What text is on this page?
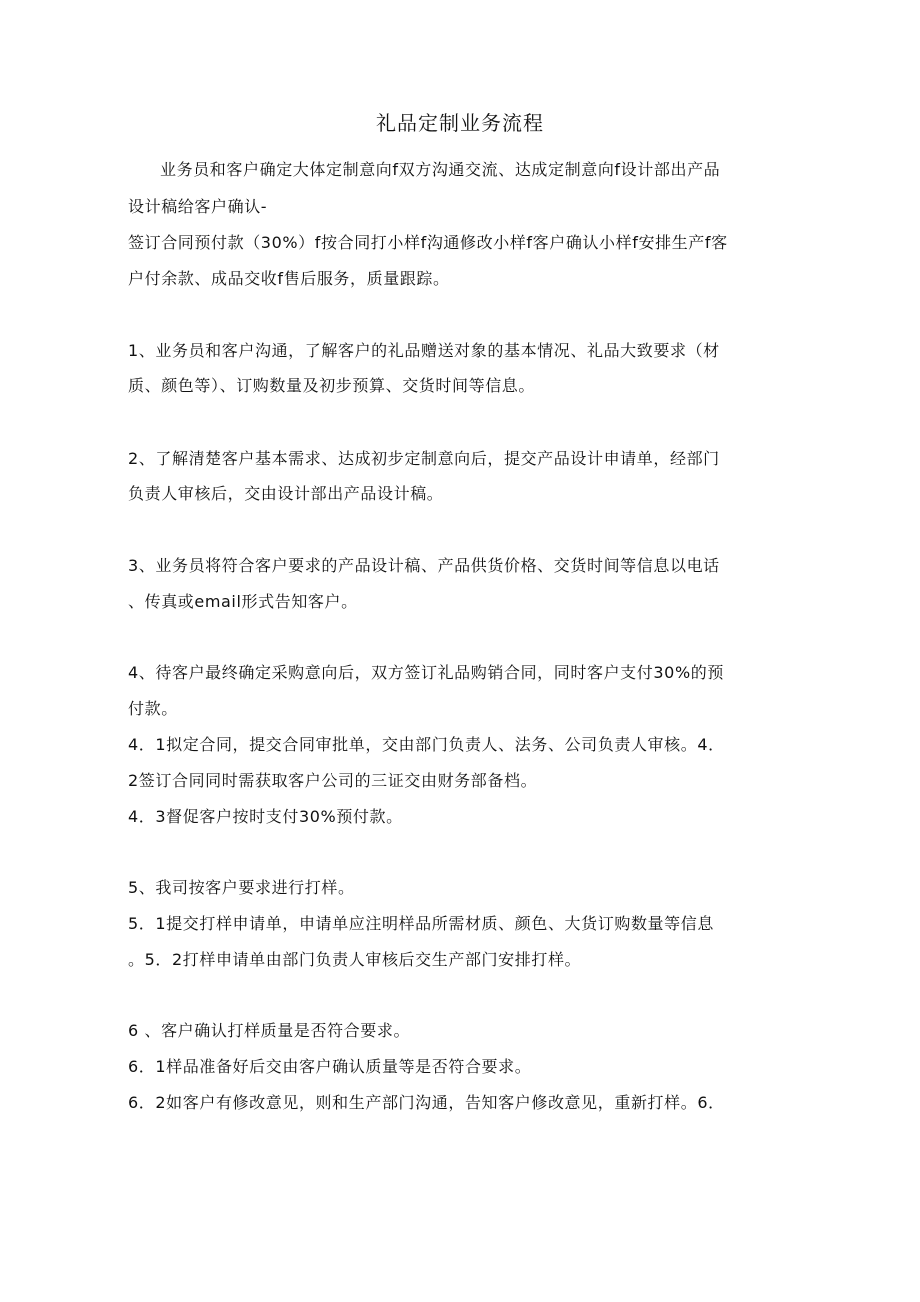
礼品定制业务流程
业务员和客户确定大体定制意向f双方沟通交流、达成定制意向f设计部出产品
设计稿给客户确认-
签订合同预付款（30%）f按合同打小样f沟通修改小样f客户确认小样f安排生产f客
户付余款、成品交收f售后服务，质量跟踪。
1、业务员和客户沟通，了解客户的礼品赠送对象的基本情况、礼品大致要求（材
质、颜色等）、订购数量及初步预算、交货时间等信息。
2、了解清楚客户基本需求、达成初步定制意向后，提交产品设计申请单，经部门
负责人审核后，交由设计部出产品设计稿。
3、业务员将符合客户要求的产品设计稿、产品供货价格、交货时间等信息以电话
、传真或email形式告知客户。
4、待客户最终确定采购意向后，双方签订礼品购销合同，同时客户支付30%的预
付款。
4．1拟定合同，提交合同审批单，交由部门负责人、法务、公司负责人审核。4．
2签订合同同时需获取客户公司的三证交由财务部备档。
4．3督促客户按时支付30%预付款。
5、我司按客户要求进行打样。
5．1提交打样申请单，申请单应注明样品所需材质、颜色、大货订购数量等信息
。5．2打样申请单由部门负责人审核后交生产部门安排打样。
6 、客户确认打样质量是否符合要求。
6．1样品准备好后交由客户确认质量等是否符合要求。
6．2如客户有修改意见，则和生产部门沟通，告知客户修改意见，重新打样。6．
